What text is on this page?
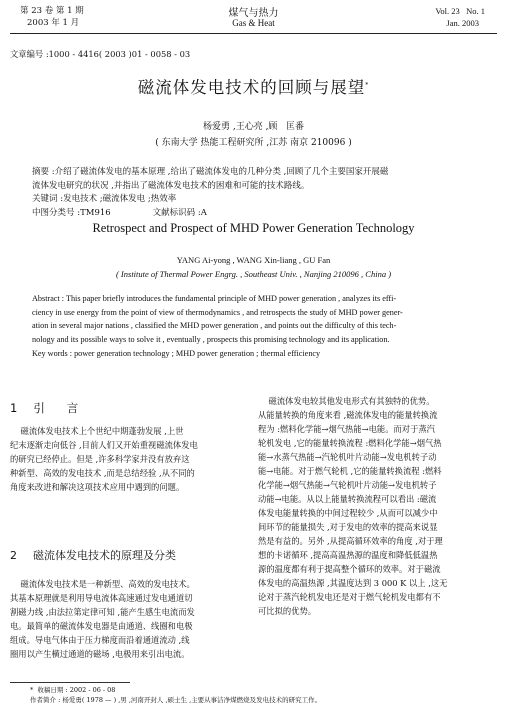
第 23 卷 第 1 期
2003 年 1 月
煤气与热力
Gas & Heat
Vol. 23   No. 1
Jan. 2003
文章编号 :1000 - 4416( 2003 )01 - 0058 - 03
磁流体发电技术的回顾与展望*
杨爱勇 ,王心亮 ,顾   匡番
( 东南大学 热能工程研究所 ,江苏 南京 210096 )
摘要 :介绍了磁流体发电的基本原理 ,给出了磁流体发电的几种分类 ,回顾了几个主要国家开展磁
流体发电研究的状况 ,并指出了磁流体发电技术的困难和可能的技术路线。
关键词 :发电技术 ;磁流体发电 ;热效率
中图分类号 :TM916	文献标识码 :A
Retrospect and Prospect of MHD Power Generation Technology
YANG Ai-yong , WANG Xin-liang , GU Fan
( Institute of Thermal Power Engrg. , Southeast Univ. , Nanjing 210096 , China )
Abstract : This paper briefly introduces the fundamental principle of MHD power generation , analyzes its effi-
ciency in use energy from the point of view of thermodynamics , and retrospects the study of MHD power gener-
ation in several major nations , classified the MHD power generation , and points out the difficulty of this tech-
nology and its possible ways to solve it , eventually , prospects this promising technology and its application.
Key words : power generation technology ; MHD power generation ; thermal efficiency
1 引      言
磁流体发电技术上个世纪中期蓬勃发展 ,上世
纪末逐渐走向低谷 ,目前人们又开始重视磁流体发电
的研究已经停止。但是 ,许多科学家并没有放弃这
种新型、高效的发电技术 ,而是总结经验 ,从不同的
角度来改进和解决这项技术应用中遇到的问题。
2 磁流体发电技术的原理及分类
磁流体发电技术是一种新型、高效的发电技术。
其基本原理就是利用导电流体高速通过发电通道切
割磁力线 ,由法拉第定律可知 ,能产生感生电流而发
电。最简单的磁流体发电器是由通道、线圈和电极
组成。导电气体由于压力梯度而沿着通道流动 ,线
圈用以产生横过通道的磁场 ,电极用来引出电流。
磁流体发电较其他发电形式有其独特的优势。
从能量转换的角度来看 ,磁流体发电的能量转换流
程为 :燃料化学能→烟气热能→电能。而对于蒸汽
轮机发电 ,它的能量转换流程 :燃料化学能→烟气热
能→水蒸气热能→汽轮机叶片动能→发电机转子动
能→电能。对于燃气轮机 ,它的能量转换流程 :燃料
化学能→烟气热能→气轮机叶片动能→发电机转子
动能→电能。从以上能量转换流程可以看出 :磁流
体发电能量转换的中间过程较少 ,从而可以减少中
间环节的能量损失 ,对于发电的效率的提高来说显
然是有益的。另外 ,从提高循环效率的角度 ,对于理
想的卡诺循环 ,提高高温热源的温度和降低低温热
源的温度都有利于提高整个循环的效率。对于磁流
体发电的高温热源 ,其温度达到 3 000 K 以上 ,这无
论对于蒸汽轮机发电还是对于燃气轮机发电都有不
可比拟的优势。
*  收稿日期 : 2002 - 06 - 08
作者简介 : 杨爱勇( 1978 — ) ,男 ,河南开封人 ,硕士生 ,主要从事洁净煤燃烧及发电技术的研究工作。
